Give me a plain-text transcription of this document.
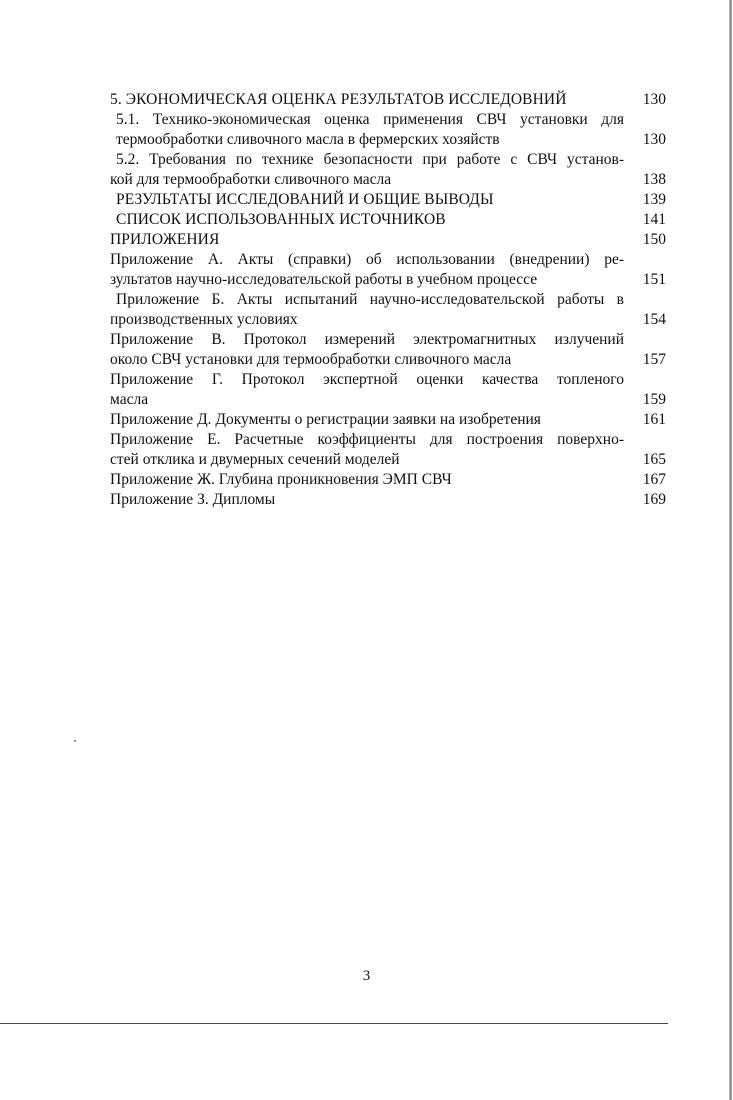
5. ЭКОНОМИЧЕСКАЯ ОЦЕНКА РЕЗУЛЬТАТОВ ИССЛЕДОВНИЙ	130
5.1. Технико-экономическая оценка применения СВЧ установки для
термообработки сливочного масла в фермерских хозяйств	130
5.2. Требования по технике безопасности при работе с СВЧ установ-
кой для термообработки сливочного масла	138
РЕЗУЛЬТАТЫ ИССЛЕДОВАНИЙ И ОБЩИЕ ВЫВОДЫ	139
СПИСОК ИСПОЛЬЗОВАННЫХ ИСТОЧНИКОВ	141
ПРИЛОЖЕНИЯ	150
Приложение А. Акты (справки) об использовании (внедрении) ре-
зультатов научно-исследовательской работы в учебном процессе	151
Приложение Б. Акты испытаний научно-исследовательской работы в
производственных условиях	154
Приложение В. Протокол измерений электромагнитных излучений
около СВЧ установки для термообработки сливочного масла	157
Приложение Г. Протокол экспертной оценки качества топленого
масла	159
Приложение Д. Документы о регистрации заявки на изобретения	161
Приложение Е. Расчетные коэффициенты для построения поверхно-
стей отклика и двумерных сечений моделей	165
Приложение Ж. Глубина проникновения ЭМП СВЧ	167
Приложение З. Дипломы	169
3
